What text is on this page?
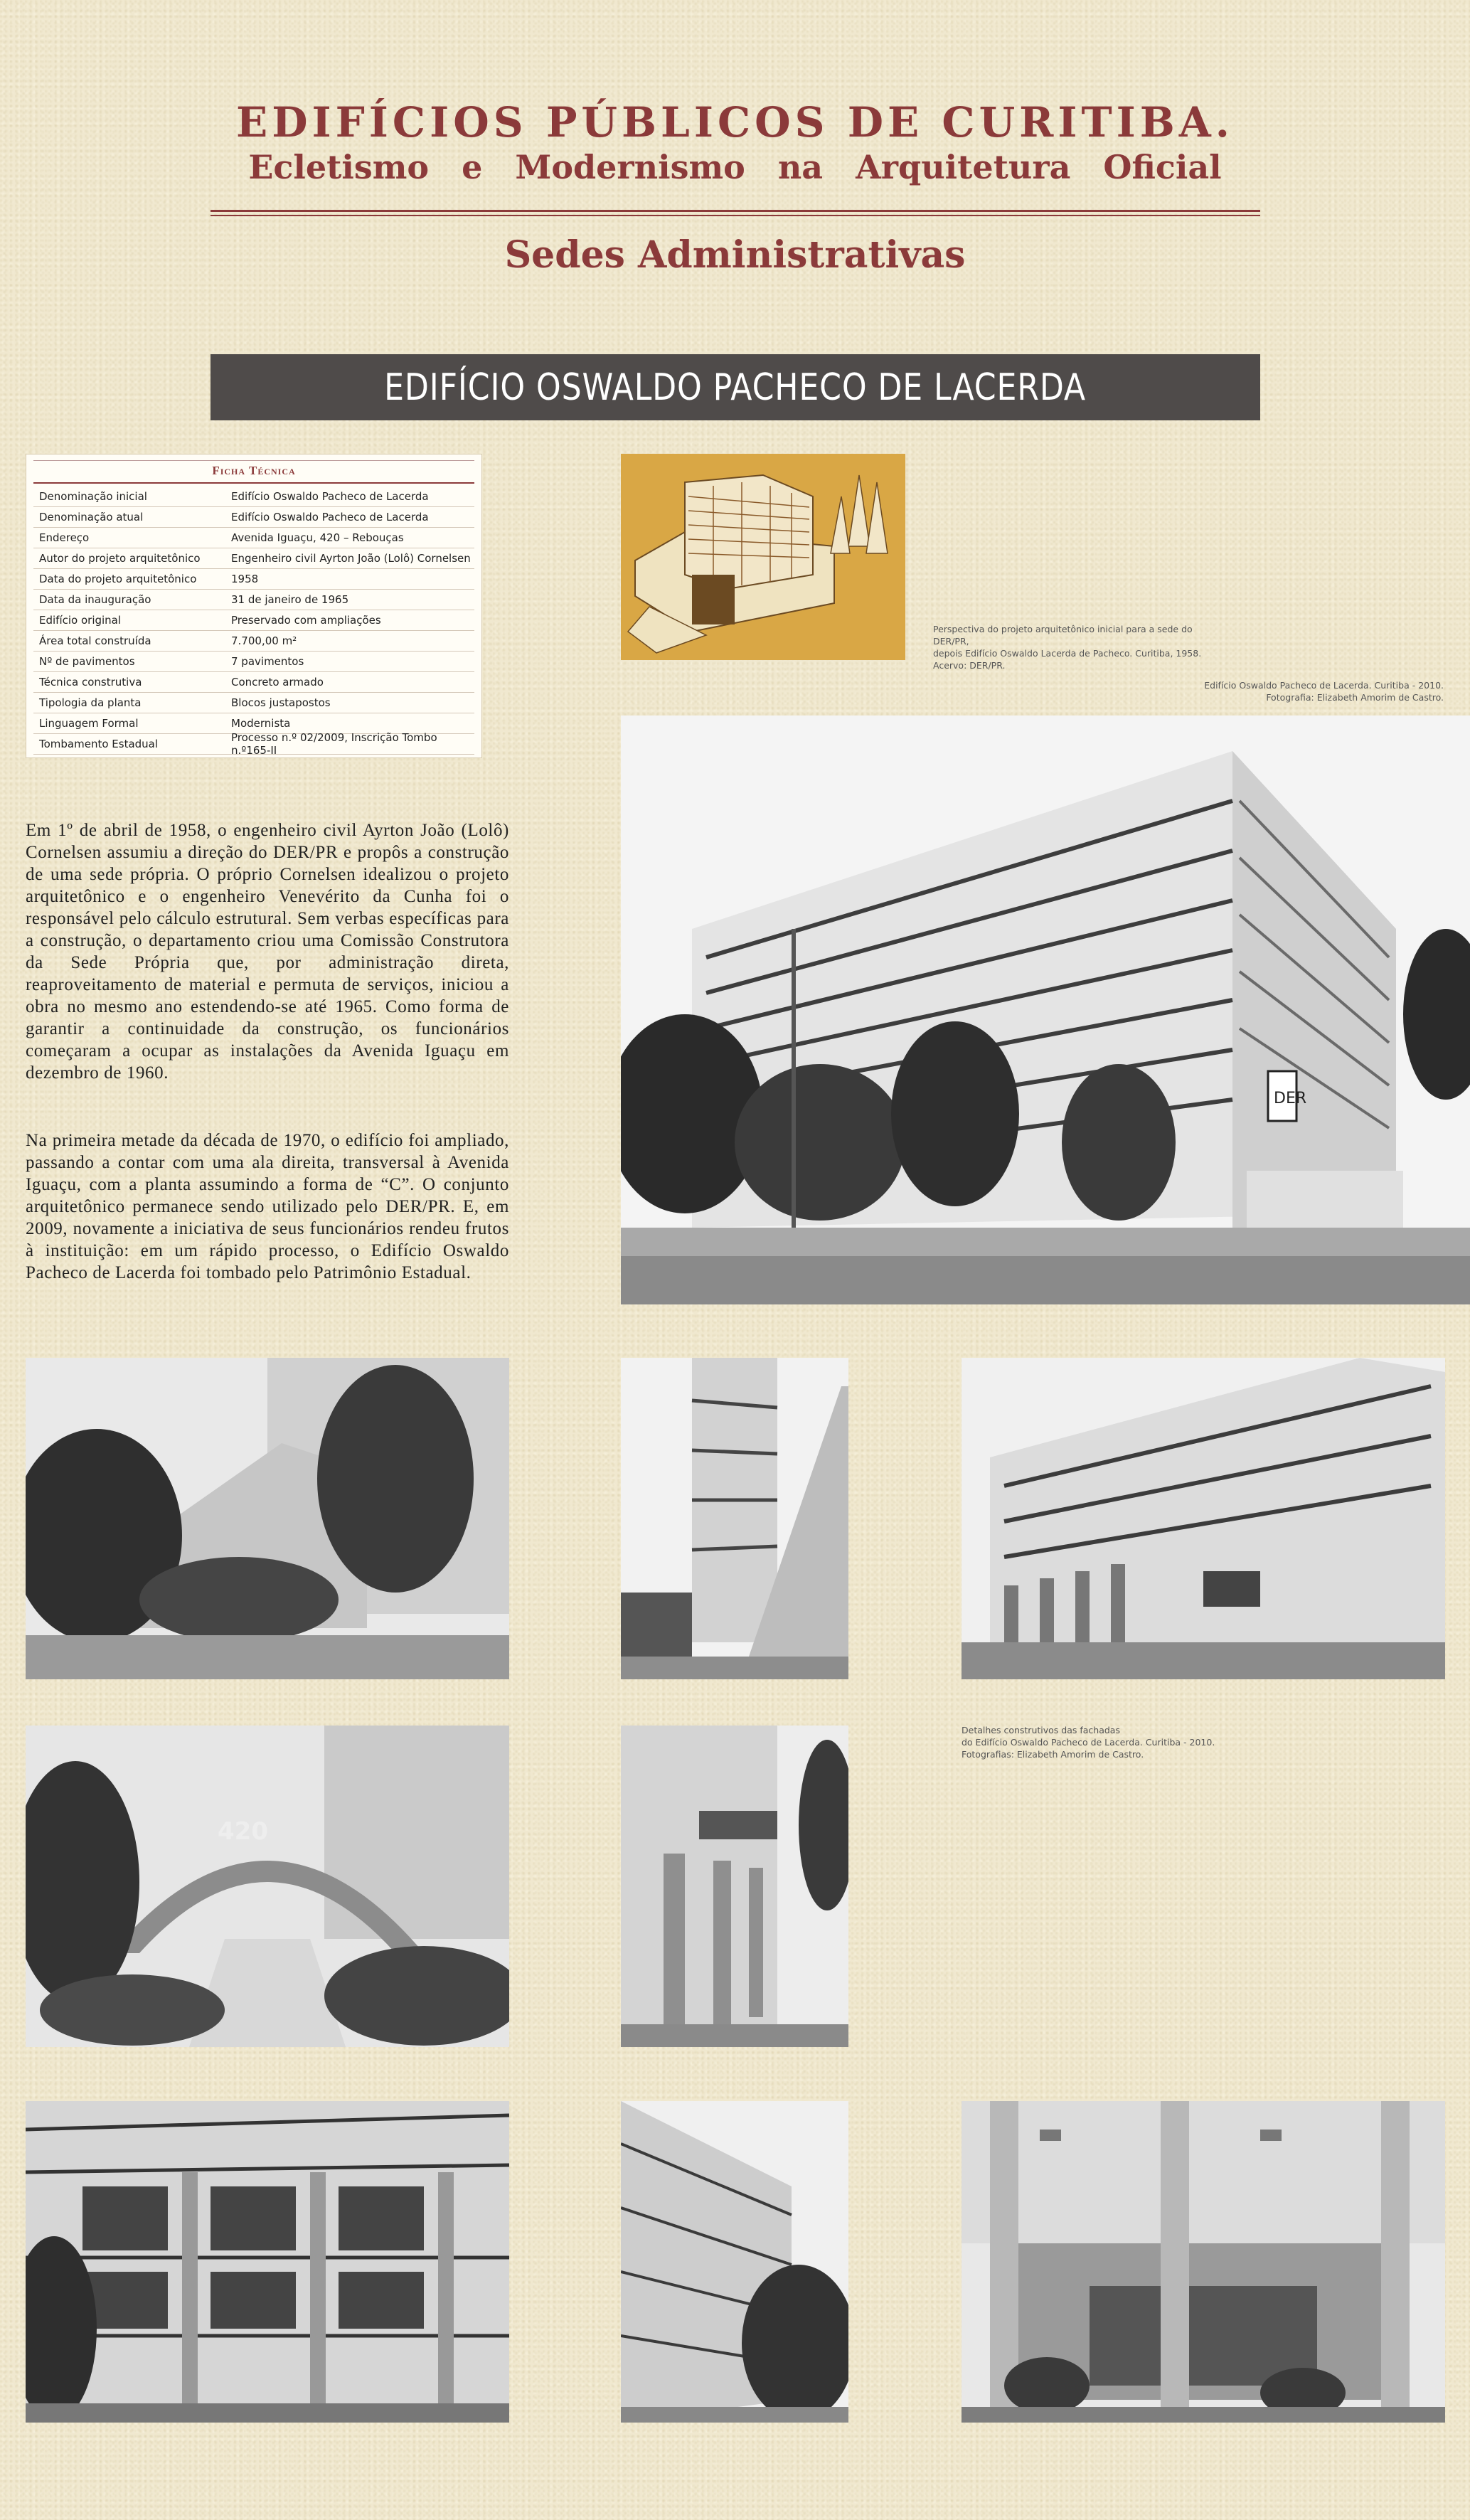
EDIFÍCIOS PÚBLICOS DE CURITIBA.
Ecletismo e Modernismo na Arquitetura Oficial
Sedes Administrativas
EDIFÍCIO OSWALDO PACHECO DE LACERDA
Ficha Técnica
Denominação inicial	Edifício Oswaldo Pacheco de Lacerda
Denominação atual	Edifício Oswaldo Pacheco de Lacerda
Endereço	Avenida Iguaçu, 420 – Rebouças
Autor do projeto arquitetônico	Engenheiro civil Ayrton João (Lolô) Cornelsen
Data do projeto arquitetônico	1958
Data da inauguração	31 de janeiro de 1965
Edifício original	Preservado com ampliações
Área total construída	7.700,00 m²
Nº de pavimentos	7 pavimentos
Técnica construtiva	Concreto armado
Tipologia da planta	Blocos justapostos
Linguagem Formal	Modernista
Tombamento Estadual	Processo n.º 02/2009, Inscrição Tombo n.º165-II
Em 1º de abril de 1958, o engenheiro civil Ayrton João (Lolô) Cornelsen assumiu a direção do DER/PR e propôs a construção de uma sede própria. O próprio Cornelsen idealizou o projeto arquitetônico e o engenheiro Venevérito da Cunha foi o responsável pelo cálculo estrutural. Sem verbas específicas para a construção, o departamento criou uma Comissão Construtora da Sede Própria que, por administração direta, reaproveitamento de material e permuta de serviços, iniciou a obra no mesmo ano estendendo-se até 1965. Como forma de garantir a continuidade da construção, os funcionários começaram a ocupar as instalações da Avenida Iguaçu em dezembro de 1960.
Na primeira metade da década de 1970, o edifício foi ampliado, passando a contar com uma ala direita, transversal à Avenida Iguaçu, com a planta assumindo a forma de “C”. O conjunto arquitetônico permanece sendo utilizado pelo DER/PR. E, em 2009, novamente a iniciativa de seus funcionários rendeu frutos à instituição: em um rápido processo, o Edifício Oswaldo Pacheco de Lacerda foi tombado pelo Patrimônio Estadual.
Perspectiva do projeto arquitetônico inicial para a sede do DER/PR,
depois Edifício Oswaldo Lacerda de Pacheco. Curitiba, 1958.
Acervo: DER/PR.
Edifício Oswaldo Pacheco de Lacerda. Curitiba - 2010.
Fotografia: Elizabeth Amorim de Castro.
DER
420
Detalhes construtivos das fachadas
do Edifício Oswaldo Pacheco de Lacerda. Curitiba - 2010.
Fotografias: Elizabeth Amorim de Castro.
